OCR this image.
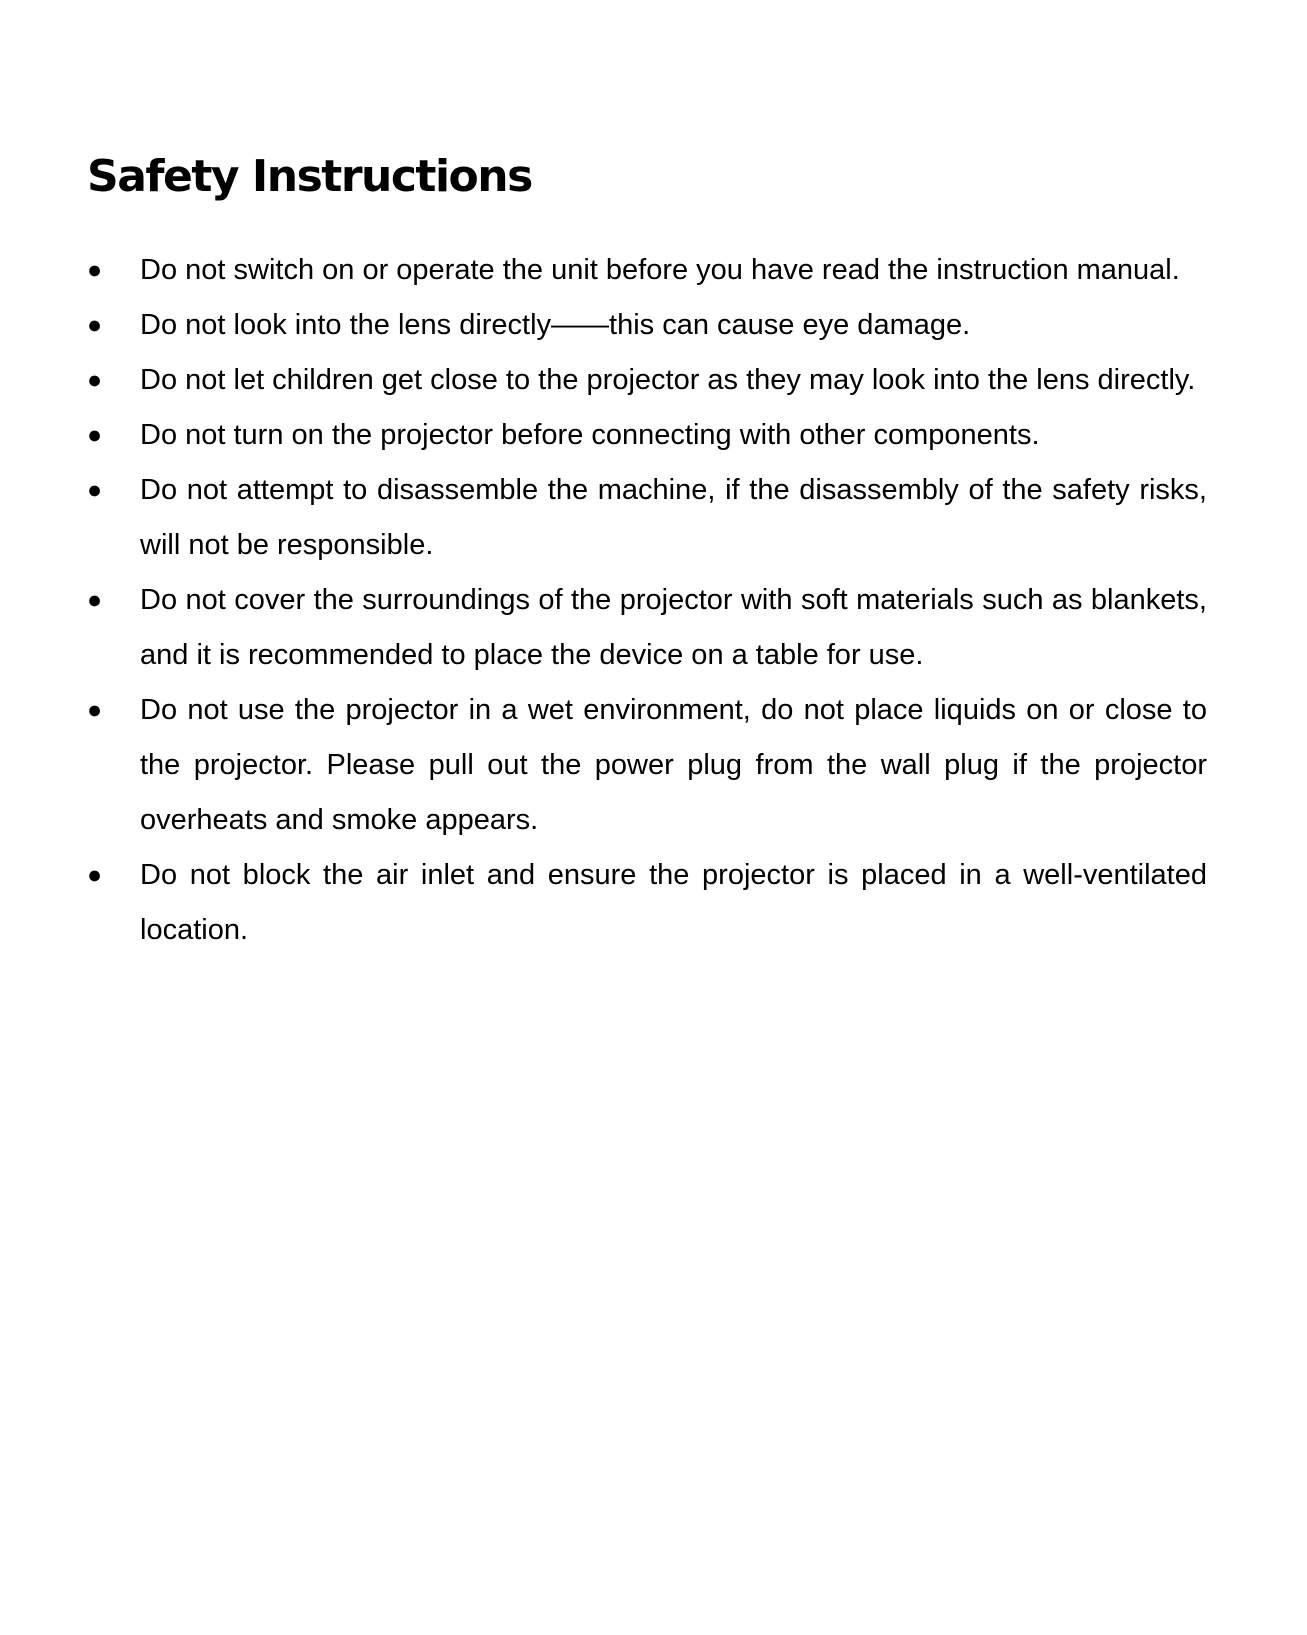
Safety Instructions
●	Do not switch on or operate the unit before you have read the instruction manual.
●	Do not look into the lens directly——this can cause eye damage.
●	Do not let children get close to the projector as they may look into the lens directly.
●	Do not turn on the projector before connecting with other components.
●	Do not attempt to disassemble the machine, if the disassembly of the safety risks, will not be responsible.
●	Do not cover the surroundings of the projector with soft materials such as blankets, and it is recommended to place the device on a table for use.
●	Do not use the projector in a wet environment, do not place liquids on or close to the projector. Please pull out the power plug from the wall plug if the projector overheats and smoke appears.
●	Do not block the air inlet and ensure the projector is placed in a well-ventilated location.
